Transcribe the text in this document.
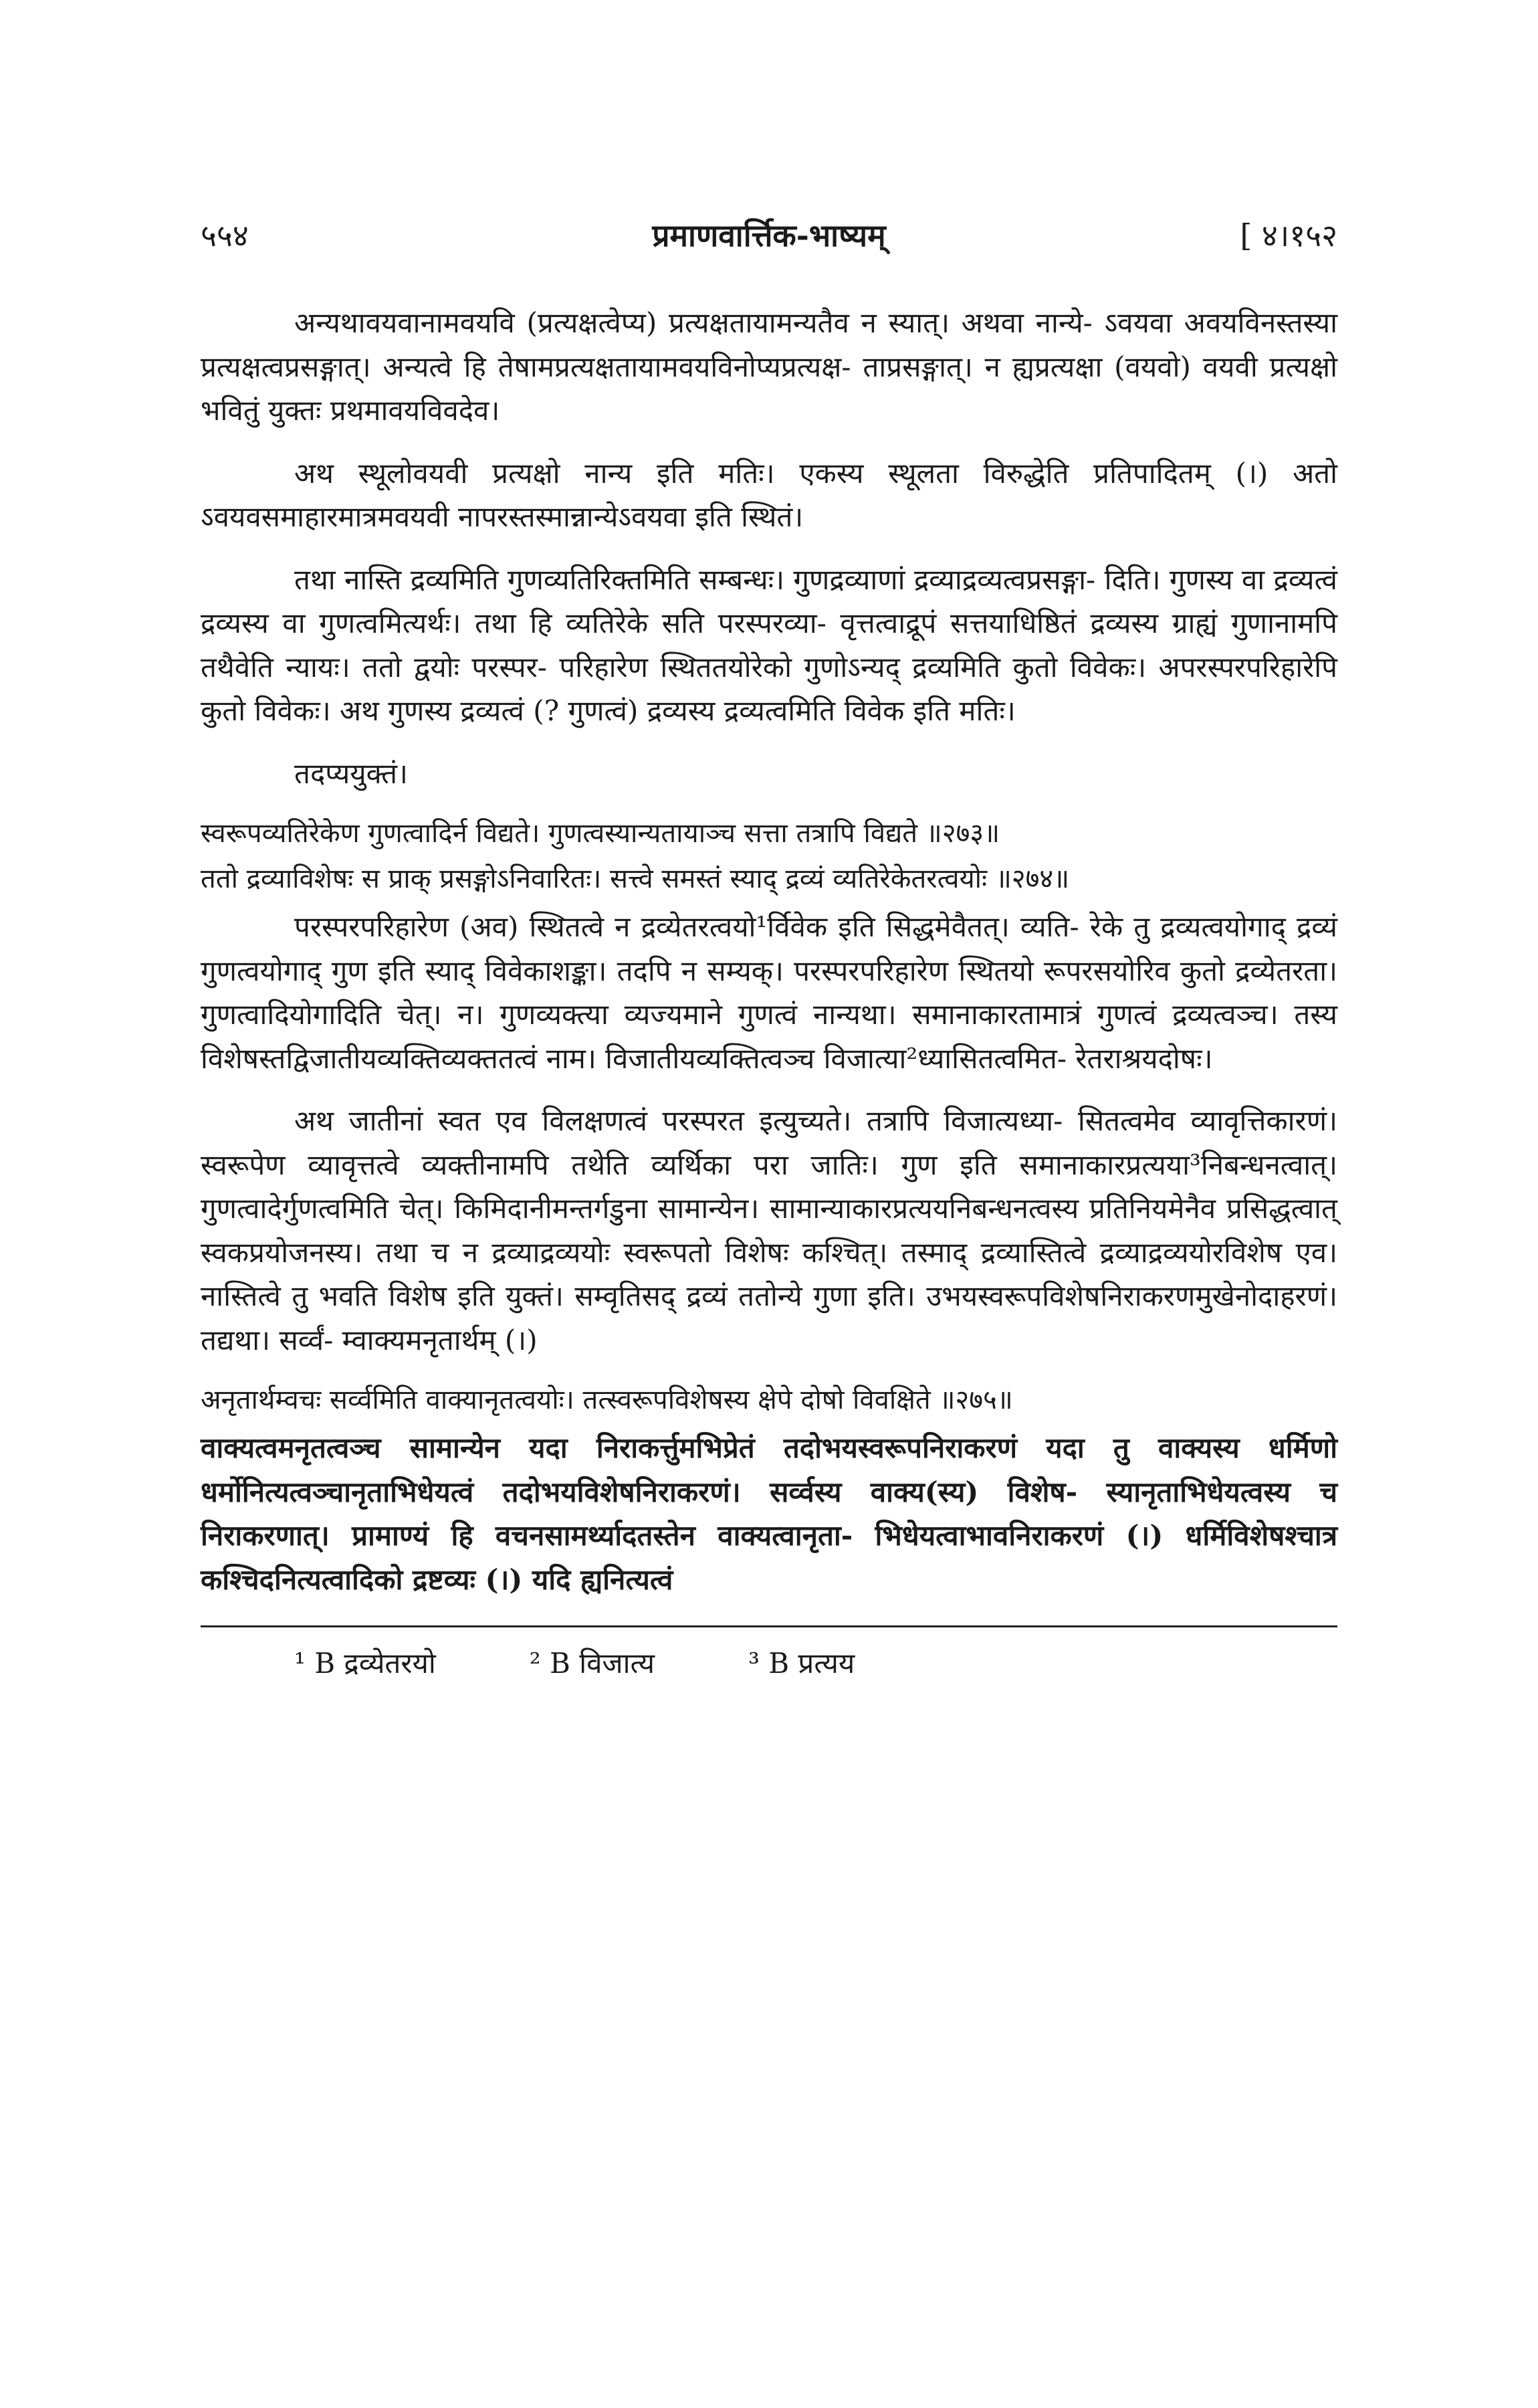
५५४	प्रमाणवार्त्तिक-भाष्यम्	[ ४।१५२

अन्यथावयवानामवयवि (प्रत्यक्षत्वेप्य) प्रत्यक्षतायामन्यतैव न स्यात्। अथवा नान्ये- ऽवयवा अवयविनस्तस्या प्रत्यक्षत्वप्रसङ्गात्। अन्यत्वे हि तेषामप्रत्यक्षतायामवयविनोप्यप्रत्यक्ष- ताप्रसङ्गात्। न ह्यप्रत्यक्षा (वयवो) वयवी प्रत्यक्षो भवितुं युक्तः प्रथमावयविवदेव।

अथ स्थूलोवयवी प्रत्यक्षो नान्य इति मतिः। एकस्य स्थूलता विरुद्धेति प्रतिपादितम् (।) अतो ऽवयवसमाहारमात्रमवयवी नापरस्तस्मान्नान्येऽवयवा इति स्थितं।

तथा नास्ति द्रव्यमिति गुणव्यतिरिक्तमिति सम्बन्धः। गुणद्रव्याणां द्रव्याद्रव्यत्वप्रसङ्गा- दिति। गुणस्य वा द्रव्यत्वं द्रव्यस्य वा गुणत्वमित्यर्थः। तथा हि व्यतिरेके सति परस्परव्या- वृत्तत्वाद्रूपं सत्तयाधिष्ठितं द्रव्यस्य ग्राह्यं गुणानामपि तथैवेति न्यायः। ततो द्वयोः परस्पर- परिहारेण स्थिततयोरेको गुणोऽन्यद् द्रव्यमिति कुतो विवेकः। अपरस्परपरिहारेपि कुतो विवेकः। अथ गुणस्य द्रव्यत्वं (? गुणत्वं) द्रव्यस्य द्रव्यत्वमिति विवेक इति मतिः।

तदप्ययुक्तं।

स्वरूपव्यतिरेकेण गुणत्वादिर्न विद्यते। गुणत्वस्यान्यतायाञ्च सत्ता तत्रापि विद्यते ॥२७३॥

ततो द्रव्याविशेषः स प्राक् प्रसङ्गोऽनिवारितः। सत्त्वे समस्तं स्याद् द्रव्यं व्यतिरेकेतरत्वयोः ॥२७४॥

परस्परपरिहारेण (अव) स्थितत्वे न द्रव्येतरत्वयो¹र्विवेक इति सिद्धमेवैतत्। व्यति- रेके तु द्रव्यत्वयोगाद् द्रव्यं गुणत्वयोगाद् गुण इति स्याद् विवेकाशङ्का। तदपि न सम्यक्। परस्परपरिहारेण स्थितयो रूपरसयोरिव कुतो द्रव्येतरता। गुणत्वादियोगादिति चेत्। न। गुणव्यक्त्या व्यज्यमाने गुणत्वं नान्यथा। समानाकारतामात्रं गुणत्वं द्रव्यत्वञ्च। तस्य विशेषस्तद्विजातीयव्यक्तिव्यक्ततत्वं नाम। विजातीयव्यक्तित्वञ्च विजात्या²ध्यासितत्वमित- रेतराश्रयदोषः।

अथ जातीनां स्वत एव विलक्षणत्वं परस्परत इत्युच्यते। तत्रापि विजात्यध्या- सितत्वमेव व्यावृत्तिकारणं। स्वरूपेण व्यावृत्तत्वे व्यक्तीनामपि तथेति व्यर्थिका परा जातिः। गुण इति समानाकारप्रत्यया³निबन्धनत्वात्। गुणत्वादेर्गुणत्वमिति चेत्। किमिदानीमन्तर्गडुना सामान्येन। सामान्याकारप्रत्ययनिबन्धनत्वस्य प्रतिनियमेनैव प्रसिद्धत्वात् स्वकप्रयोजनस्य। तथा च न द्रव्याद्रव्ययोः स्वरूपतो विशेषः कश्चित्। तस्माद् द्रव्यास्तित्वे द्रव्याद्रव्ययोरविशेष एव। नास्तित्वे तु भवति विशेष इति युक्तं। सम्वृतिसद् द्रव्यं ततोन्ये गुणा इति। उभयस्वरूपविशेषनिराकरणमुखेनोदाहरणं। तद्यथा। सर्व्वं- म्वाक्यमनृतार्थम् (।)

अनृतार्थम्वचः सर्व्वमिति वाक्यानृतत्वयोः। तत्स्वरूपविशेषस्य क्षेपे दोषो विवक्षिते ॥२७५॥

वाक्यत्वमनृतत्वञ्च सामान्येन यदा निराकर्त्तुमभिप्रेतं तदोभयस्वरूपनिराकरणं यदा तु वाक्यस्य धर्मिणो धर्मोनित्यत्वञ्चानृताभिधेयत्वं तदोभयविशेषनिराकरणं। सर्व्वस्य वाक्य(स्य) विशेष- स्यानृताभिधेयत्वस्य च निराकरणात्। प्रामाण्यं हि वचनसामर्थ्यादतस्तेन वाक्यत्वानृता- भिधेयत्वाभावनिराकरणं (।) धर्मिविशेषश्चात्र कश्चिदनित्यत्वादिको द्रष्टव्यः (।) यदि ह्यनित्यत्वं

¹ B द्रव्येतरयो	² B विजात्य	³ B प्रत्यय
